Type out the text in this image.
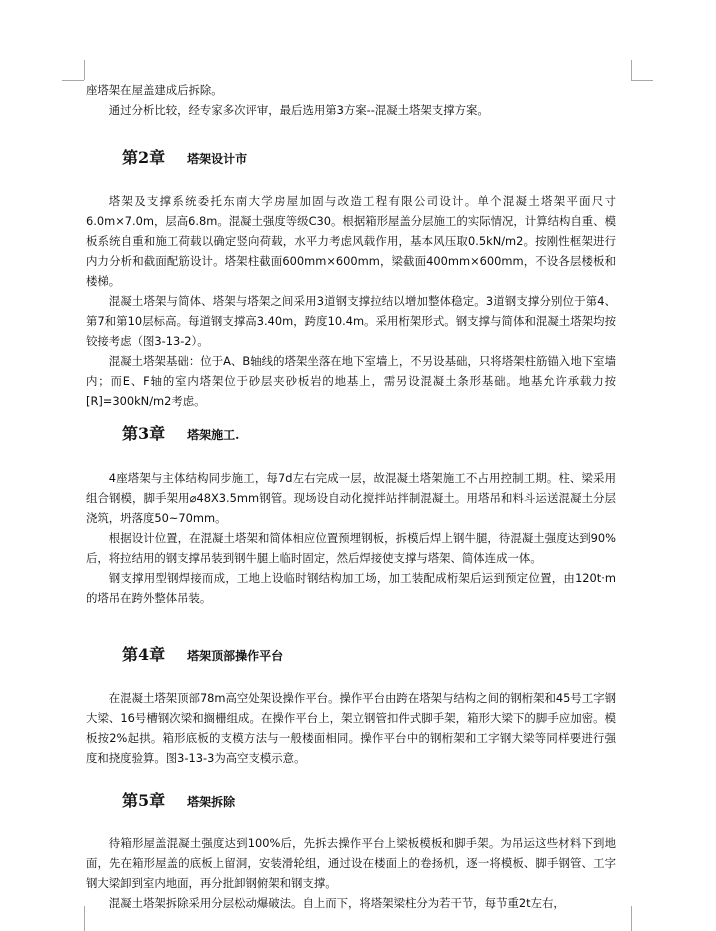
座塔架在屋盖建成后拆除。

通过分析比较，经专家多次评审，最后选用第3方案--混凝土塔架支撑方案。

第2章 塔架设计市

塔架及支撑系统委托东南大学房屋加固与改造工程有限公司设计。单个混凝土塔架平面尺寸6.0m×7.0m，层高6.8m。混凝土强度等级C30。根据箱形屋盖分层施工的实际情况，计算结构自重、模板系统自重和施工荷载以确定竖向荷载，水平力考虑风载作用，基本风压取0.5kN/m2。按刚性框架进行内力分析和截面配筋设计。塔架柱截面600mm×600mm，梁截面400mm×600mm，不设各层楼板和楼梯。

混凝土塔架与简体、塔架与塔架之间采用3道钢支撑拉结以增加整体稳定。3道钢支撑分别位于第4、第7和第10层标高。每道钢支撑高3.40m，跨度10.4m。采用桁架形式。钢支撑与简体和混凝土塔架均按铰接考虑（图3-13-2）。

混凝土塔架基础：位于A、B轴线的塔架坐落在地下室墙上，不另设基础，只将塔架柱筋锚入地下室墙内；而E、F轴的室内塔架位于砂层夹砂板岩的地基上，需另设混凝土条形基础。地基允许承载力按[R]=300kN/m2考虑。

第3章 塔架施工.

4座塔架与主体结构同步施工，每7d左右完成一层，故混凝土塔架施工不占用控制工期。柱、梁采用组合钢模，脚手架用⌀48X3.5mm钢管。现场设自动化搅拌站拌制混凝土。用塔吊和料斗运送混凝土分层浇筑，坍落度50~70mm。

根据设计位置，在混凝土塔架和简体相应位置预埋钢板，拆模后焊上钢牛腿，待混凝土强度达到90%后，将拉结用的钢支撑吊装到钢牛腿上临时固定，然后焊接使支撑与塔架、简体连成一体。

钢支撑用型钢焊接而成，工地上设临时钢结构加工场，加工装配成桁架后运到预定位置，由120t·m的塔吊在跨外整体吊装。

第4章 塔架顶部操作平台

在混凝土塔架顶部78m高空处架设操作平台。操作平台由跨在塔架与结构之间的钢桁架和45号工字钢大梁、16号槽钢次梁和搁栅组成。在操作平台上，架立钢管扣件式脚手架，箱形大梁下的脚手应加密。模板按2%起拱。箱形底板的支模方法与一般楼面相同。操作平台中的钢桁架和工字钢大梁等同样要进行强度和挠度验算。图3-13-3为高空支模示意。

第5章 塔架拆除

待箱形屋盖混凝土强度达到100%后，先拆去操作平台上梁板模板和脚手架。为吊运这些材料下到地面，先在箱形屋盖的底板上留洞，安装滑轮组，通过设在楼面上的卷扬机，逐一将模板、脚手钢管、工字钢大梁卸到室内地面，再分批卸钢俯架和钢支撑。

混凝土塔架拆除采用分层松动爆破法。自上而下，将塔架梁柱分为若干节，每节重2t左右，
